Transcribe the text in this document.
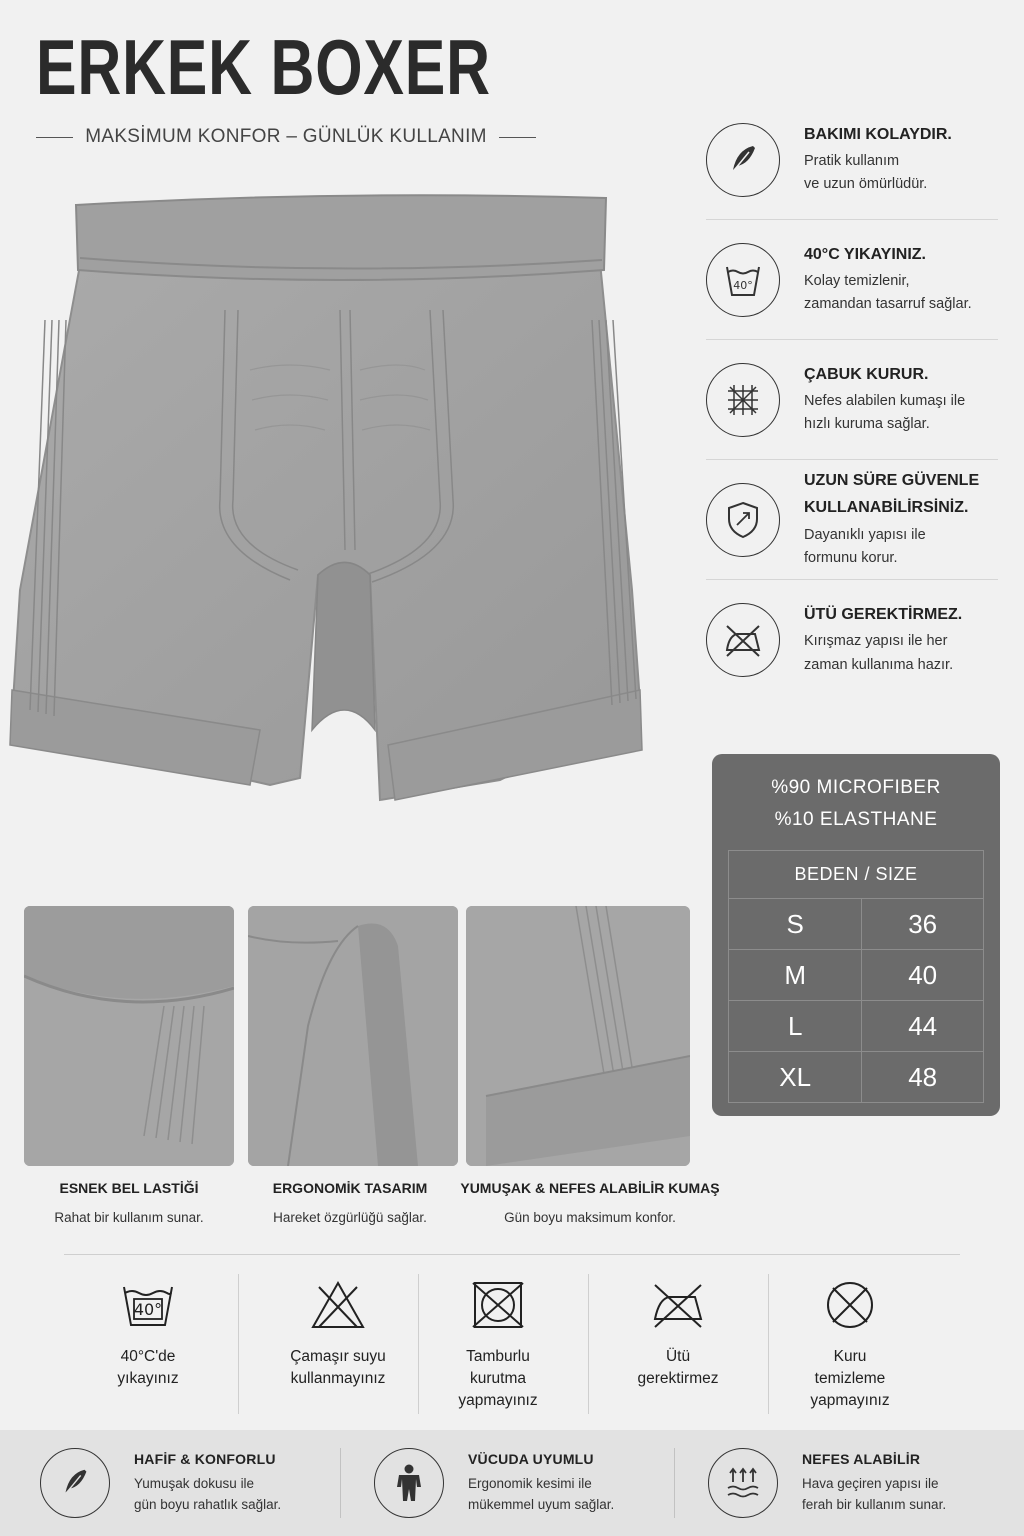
ERKEK BOXER
MAKSİMUM KONFOR – GÜNLÜK KULLANIM	BAKIMI KOLAYDIR.
Pratik kullanım
ve uzun ömürlüdür.
40°
40°C YIKAYINIZ.
Kolay temizlenir,
zamandan tasarruf sağlar.
ÇABUK KURUR.
Nefes alabilen kumaşı ile
hızlı kuruma sağlar.
UZUN SÜRE GÜVENLE
KULLANABİLİRSİNİZ.
Dayanıklı yapısı ile
formunu korur.
ÜTÜ GEREKTİRMEZ.
Kırışmaz yapısı ile her
zaman kullanıma hazır.
%90 MICROFIBER
%10 ELASTHANE
BEDEN / SIZE	
S	36
M	40
L	44
XL	48
ESNEK BEL LASTİĞİ
Rahat bir kullanım sunar.
ERGONOMİK TASARIM
Hareket özgürlüğü sağlar.
YUMUŞAK & NEFES ALABİLİR KUMAŞ
Gün boyu maksimum konfor.
40°
40°C'de
yıkayınız
Çamaşır suyu
kullanmayınız
Tamburlu
kurutma
yapmayınız
Ütü
gerektirmez
Kuru
temizleme
yapmayınız
HAFİF & KONFORLU
Yumuşak dokusu ile
gün boyu rahatlık sağlar.
VÜCUDA UYUMLU
Ergonomik kesimi ile
mükemmel uyum sağlar.
NEFES ALABİLİR
Hava geçiren yapısı ile
ferah bir kullanım sunar.
